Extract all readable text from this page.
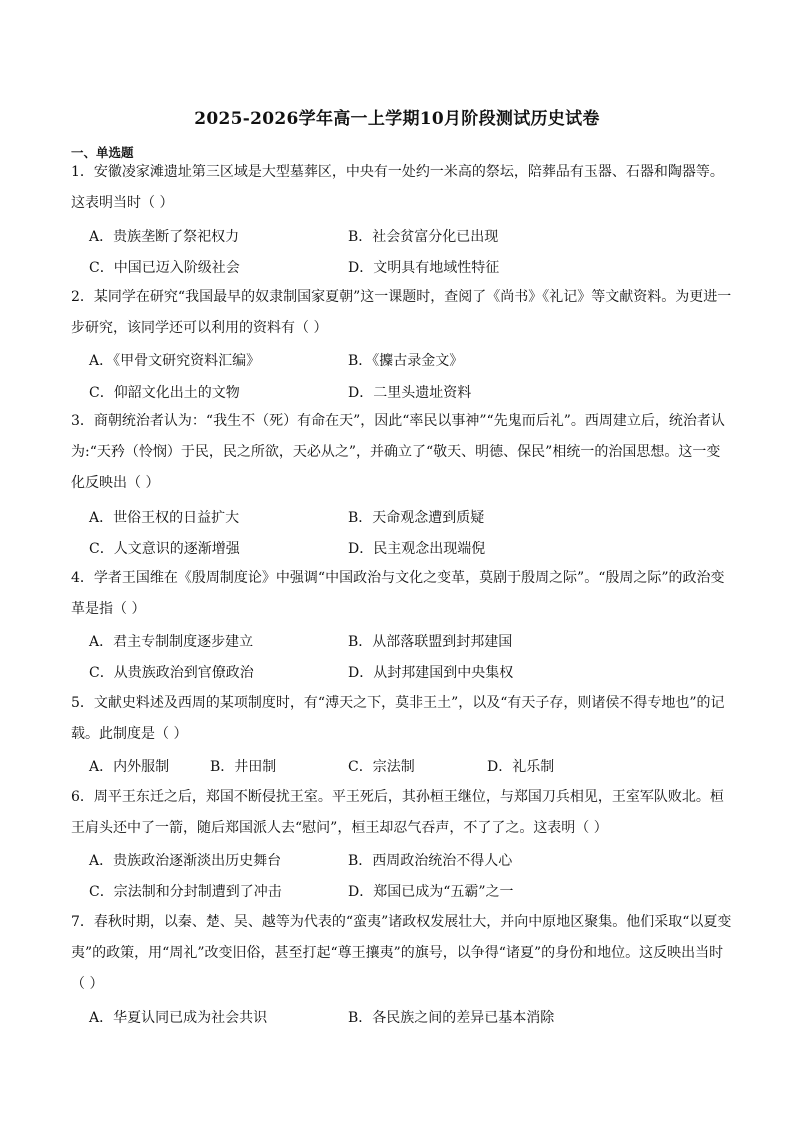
2025-2026学年高一上学期10月阶段测试历史试卷
一、单选题
1．安徽凌家滩遗址第三区域是大型墓葬区，中央有一处约一米高的祭坛，陪葬品有玉器、石器和陶器等。
这表明当时（ ）
A．贵族垄断了祭祀权力	B．社会贫富分化已出现
C．中国已迈入阶级社会	D．文明具有地域性特征
2．某同学在研究“我国最早的奴隶制国家夏朝”这一课题时，查阅了《尚书》《礼记》等文献资料。为更进一
步研究，该同学还可以利用的资料有（ ）
A．《甲骨文研究资料汇编》	B．《攈古录金文》
C．仰韶文化出土的文物	D．二里头遗址资料
3．商朝统治者认为：“我生不（死）有命在天”，因此“率民以事神”“先鬼而后礼”。西周建立后，统治者认
为:“天矜（怜悯）于民，民之所欲，天必从之”，并确立了“敬天、明德、保民”相统一的治国思想。这一变
化反映出（ ）
A．世俗王权的日益扩大	B．天命观念遭到质疑
C．人文意识的逐渐增强	D．民主观念出现端倪
4．学者王国维在《殷周制度论》中强调“中国政治与文化之变革，莫剧于殷周之际”。“殷周之际”的政治变
革是指（ ）
A．君主专制制度逐步建立	B．从部落联盟到封邦建国
C．从贵族政治到官僚政治	D．从封邦建国到中央集权
5．文献史料述及西周的某项制度时，有“溥天之下，莫非王土”，以及“有天子存，则诸侯不得专地也”的记
载。此制度是（ ）
A．内外服制	B．井田制	C．宗法制	D．礼乐制
6．周平王东迁之后，郑国不断侵扰王室。平王死后，其孙桓王继位，与郑国刀兵相见，王室军队败北。桓
王肩头还中了一箭，随后郑国派人去“慰问”，桓王却忍气吞声，不了了之。这表明（ ）
A．贵族政治逐渐淡出历史舞台	B．西周政治统治不得人心
C．宗法制和分封制遭到了冲击	D．郑国已成为“五霸”之一
7．春秋时期，以秦、楚、吴、越等为代表的“蛮夷”诸政权发展壮大，并向中原地区聚集。他们采取“以夏变
夷”的政策，用“周礼”改变旧俗，甚至打起“尊王攘夷”的旗号，以争得“诸夏”的身份和地位。这反映出当时
（ ）
A．华夏认同已成为社会共识	B．各民族之间的差异已基本消除
